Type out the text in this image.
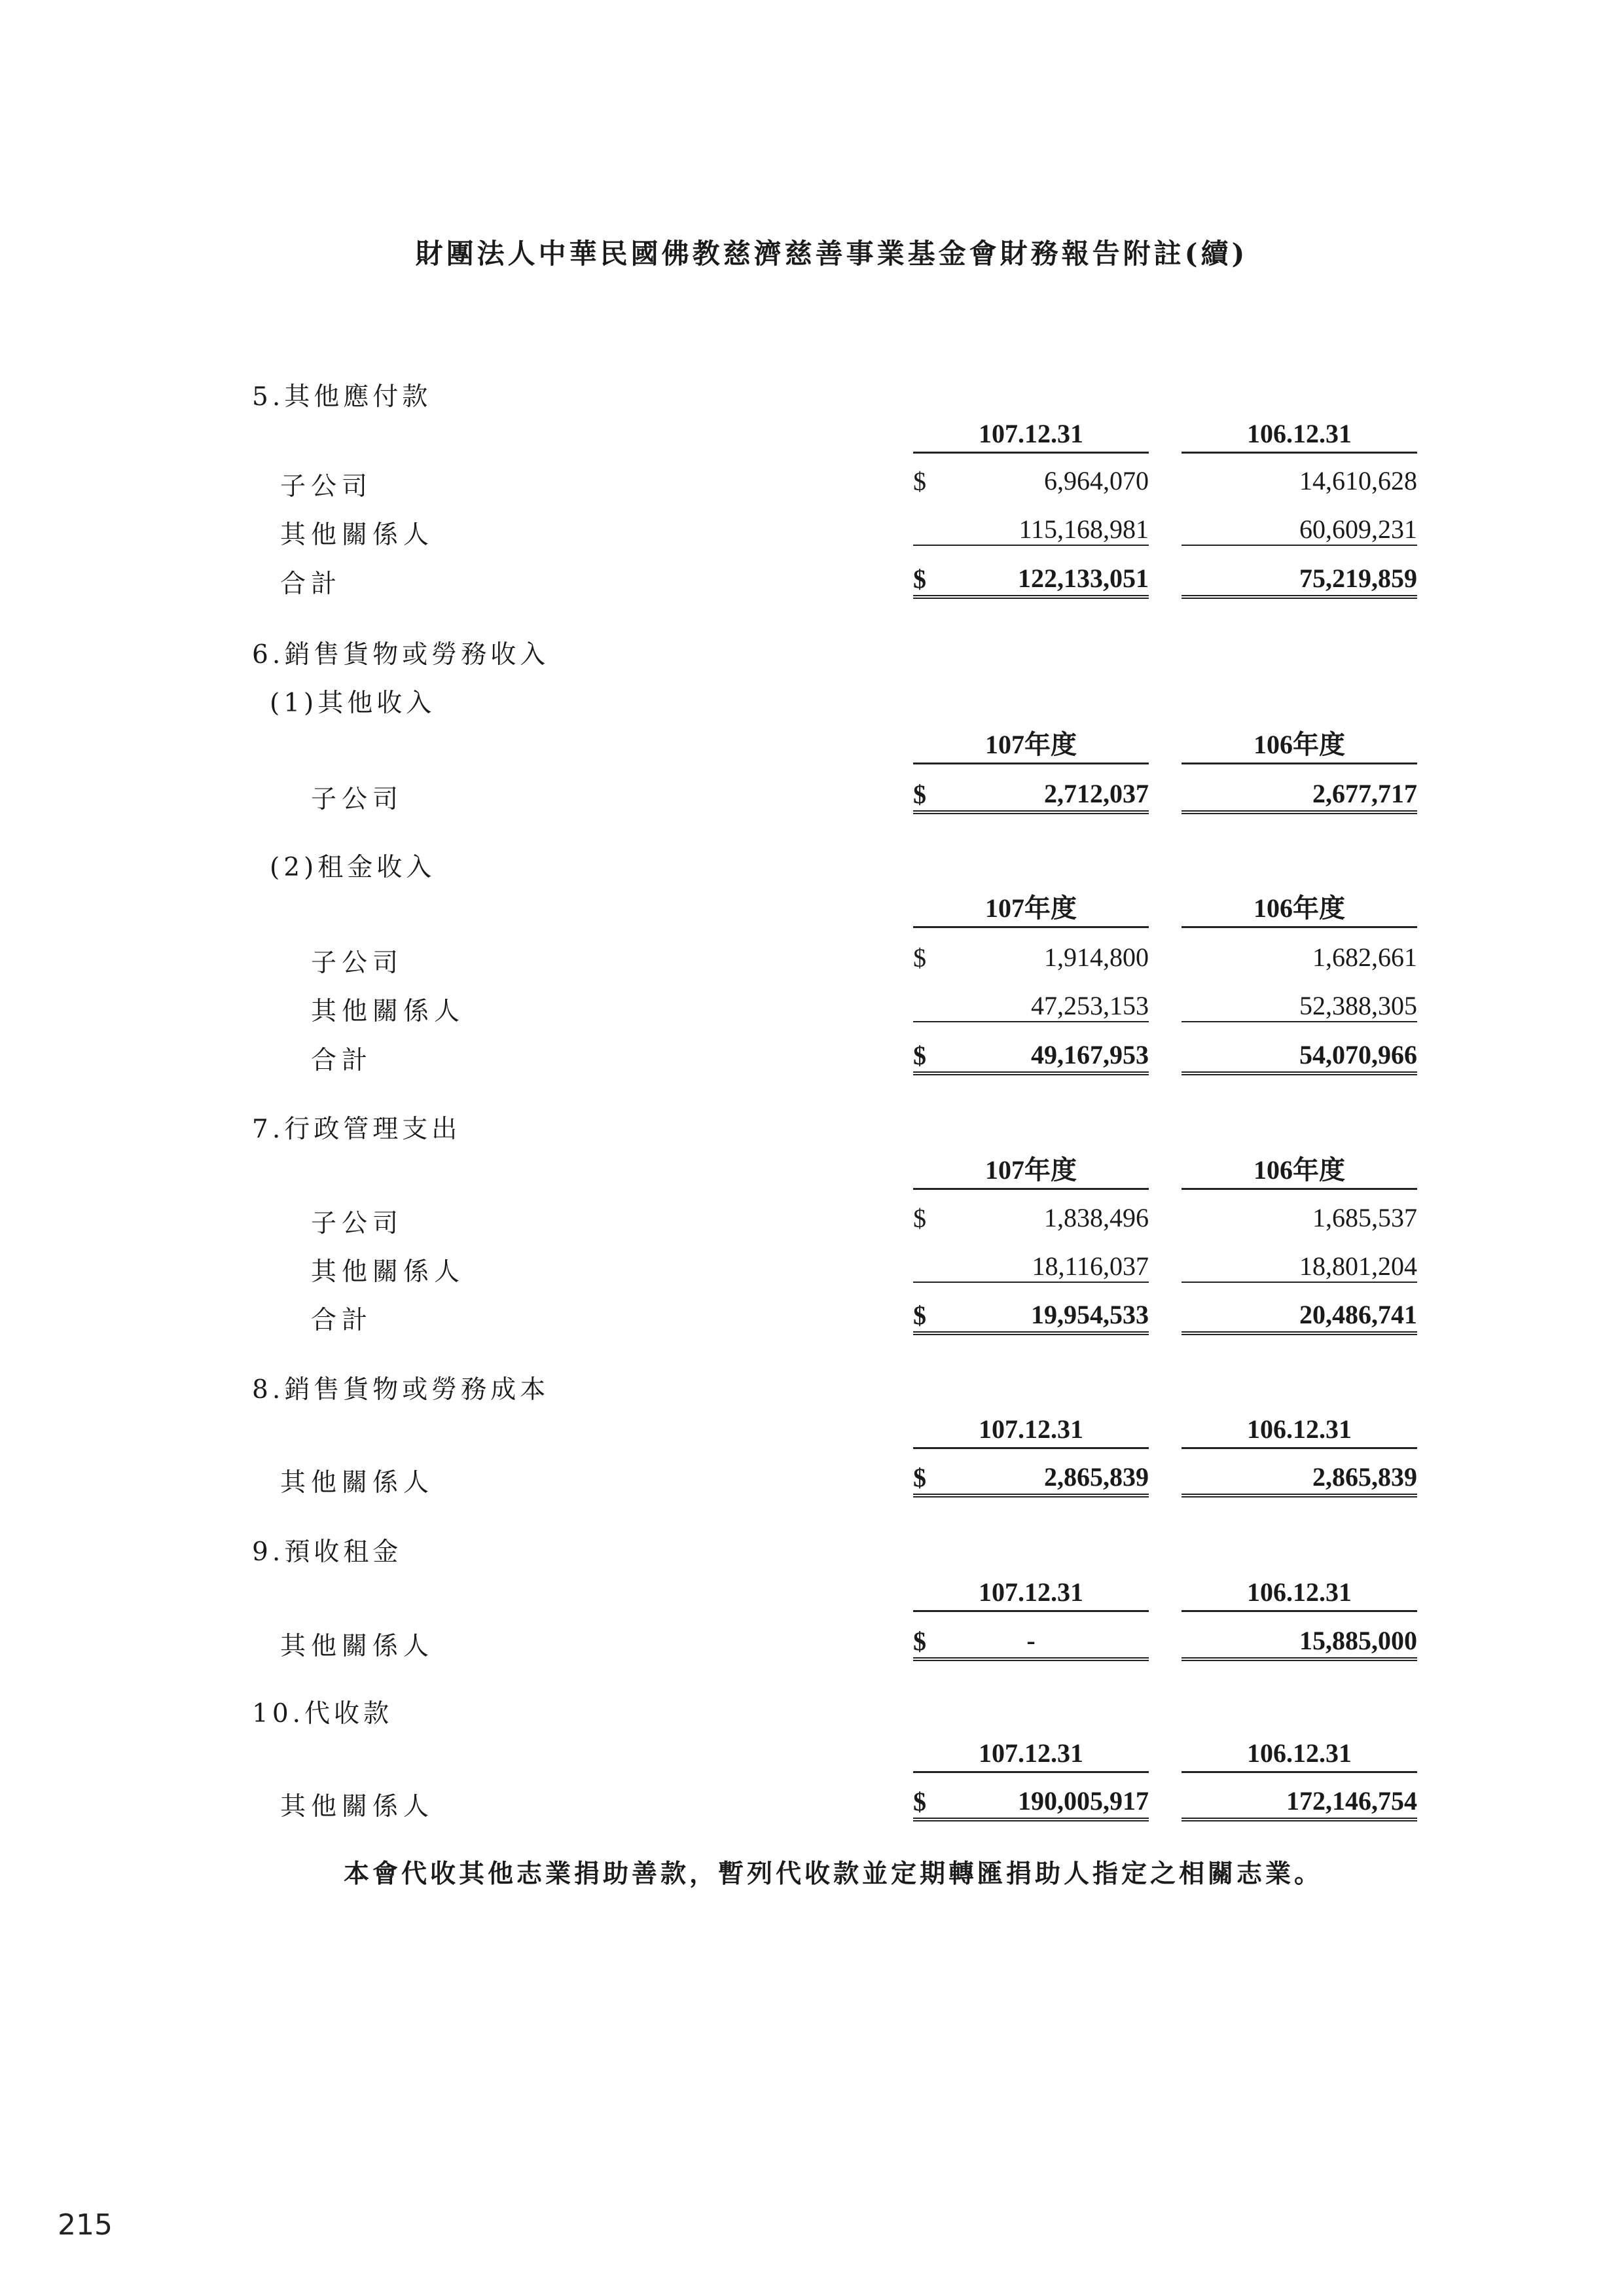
財團法人中華民國佛教慈濟慈善事業基金會財務報告附註(續)
5.其他應付款
107.12.31	106.12.31
子公司	$	6,964,070	14,610,628
其他關係人	115,168,981	60,609,231
合計	$	122,133,051	75,219,859
6.銷售貨物或勞務收入
(1)其他收入
107年度	106年度
子公司	$	2,712,037	2,677,717
(2)租金收入
107年度	106年度
子公司	$	1,914,800	1,682,661
其他關係人	47,253,153	52,388,305
合計	$	49,167,953	54,070,966
7.行政管理支出
107年度	106年度
子公司	$	1,838,496	1,685,537
其他關係人	18,116,037	18,801,204
合計	$	19,954,533	20,486,741
8.銷售貨物或勞務成本
107.12.31	106.12.31
其他關係人	$	2,865,839	2,865,839
9.預收租金
107.12.31	106.12.31
其他關係人	$	-	15,885,000
10.代收款
107.12.31	106.12.31
其他關係人	$	190,005,917	172,146,754
本會代收其他志業捐助善款，暫列代收款並定期轉匯捐助人指定之相關志業。
215
